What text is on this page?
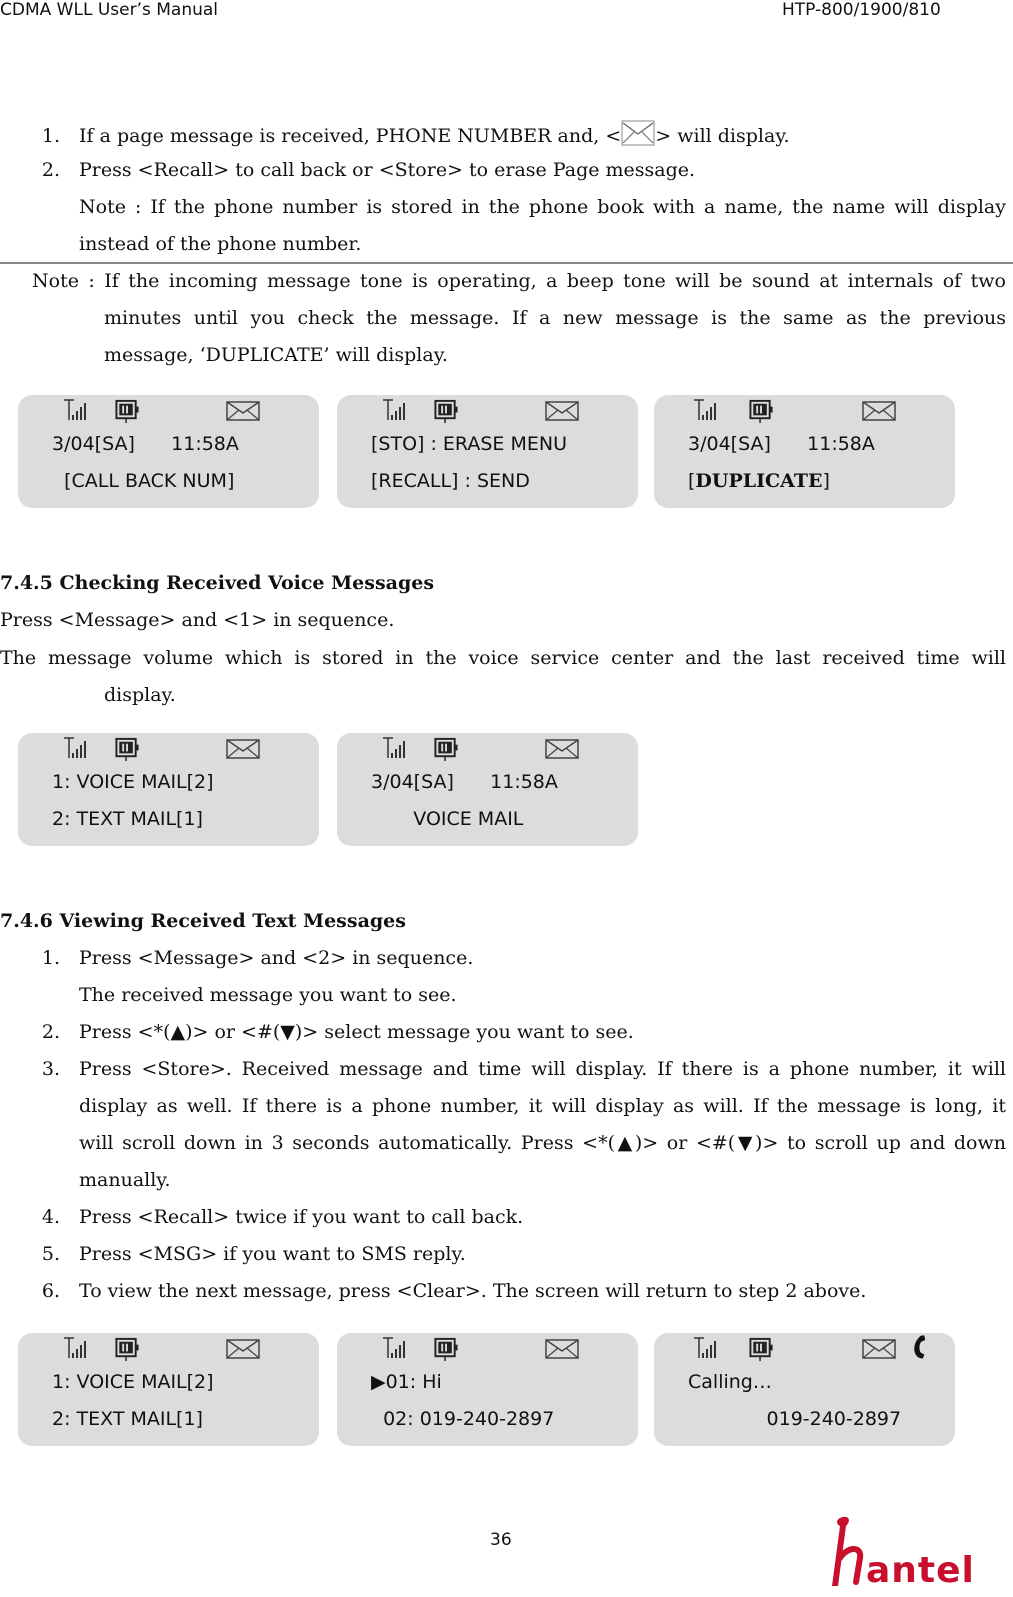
CDMA WLL User’s Manual	HTP-800/1900/810
1. If a page message is received, PHONE NUMBER and, < > will display.
2. Press <Recall> to call back or <Store> to erase Page message.
Note : If the phone number is stored in the phone book with a name, the name will display
instead of the phone number.
Note : If the incoming message tone is operating, a beep tone will be sound at internals of two
minutes until you check the message. If a new message is the same as the previous
message, ‘DUPLICATE’ will display.
3/04[SA]      11:58A
[CALL BACK NUM]
[STO] : ERASE MENU
[RECALL] : SEND
3/04[SA]      11:58A
[DUPLICATE]
7.4.5 Checking Received Voice Messages
Press <Message> and <1> in sequence.
The message volume which is stored in the voice service center and the last received time will
display.
1: VOICE MAIL[2]
2: TEXT MAIL[1]
3/04[SA]      11:58A
VOICE MAIL
7.4.6 Viewing Received Text Messages
1. Press <Message> and <2> in sequence.
The received message you want to see.
2. Press <*(▲)> or <#(▼)> select message you want to see.
3. Press <Store>. Received message and time will display. If there is a phone number, it will
display as well. If there is a phone number, it will display as will. If the message is long, it
will scroll down in 3 seconds automatically. Press <*(▲)> or <#(▼)> to scroll up and down
manually.
4. Press <Recall> twice if you want to call back.
5. Press <MSG> if you want to SMS reply.
6. To view the next message, press <Clear>. The screen will return to step 2 above.
1: VOICE MAIL[2]
2: TEXT MAIL[1]
▶01: Hi
02: 019-240-2897
Calling…
019-240-2897
36
antel
